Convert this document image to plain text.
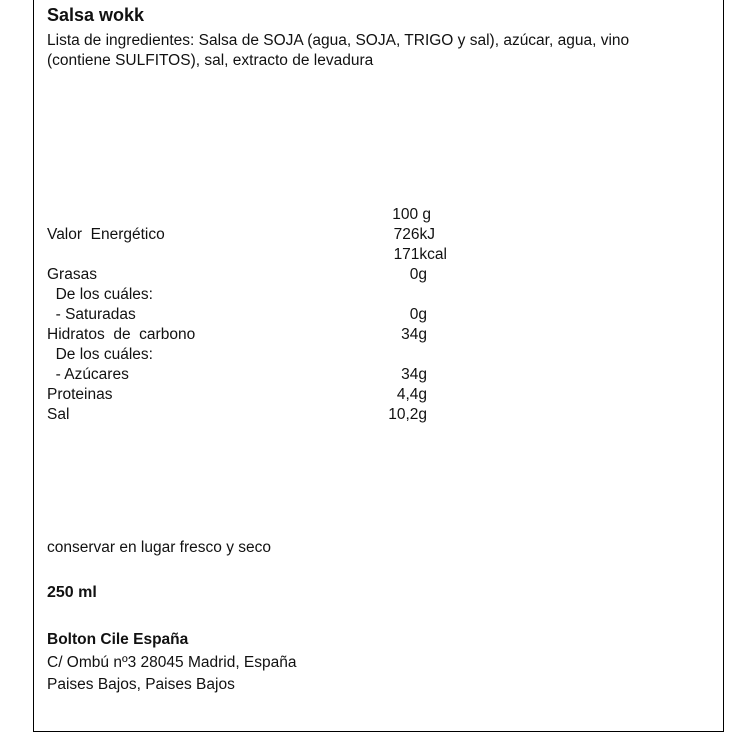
Salsa wokk
Lista de ingredientes: Salsa de SOJA (agua, SOJA, TRIGO y sal), azúcar, agua, vino (contiene SULFITOS), sal, extracto de levadura
100 g
Valor  Energético	726kJ
171kcal
Grasas	0g
De los cuáles:
- Saturadas	0g
Hidratos  de  carbono	34g
De los cuáles:
- Azúcares	34g
Proteinas	4,4g
Sal	10,2g
conservar en lugar fresco y seco
250 ml
Bolton Cile España
C/ Ombú nº3 28045 Madrid, España
Paises Bajos, Paises Bajos
